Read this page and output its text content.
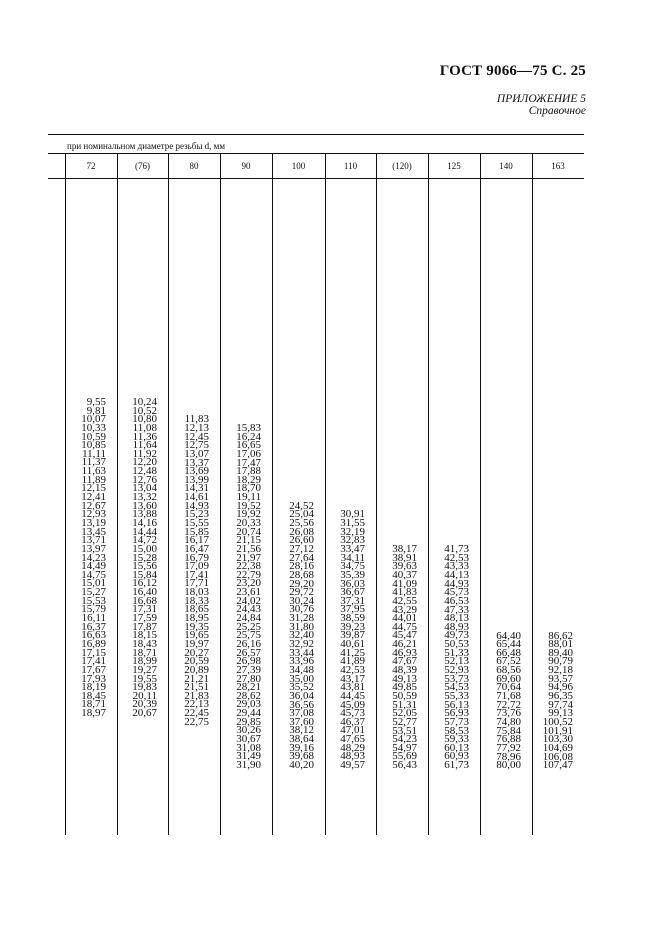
ГОСТ 9066—75 С. 25
ПРИЛОЖЕНИЕ 5
Справочное
при номинальном диаметре резьбы d, мм
72
9,55
9,81
10,07
10,33
10,59
10,85
11,11
11,37
11,63
11,89
12,15
12,41
12,67
12,93
13,19
13,45
13,71
13,97
14,23
14,49
14,75
15,01
15,27
15,53
15,79
16,11
16,37
16,63
16,89
17,15
17,41
17,67
17,93
18,19
18,45
18,71
18,97
(76)
10,24
10,52
10,80
11,08
11,36
11,64
11,92
12,20
12,48
12,76
13,04
13,32
13,60
13,88
14,16
14,44
14,72
15,00
15,28
15,56
15,84
16,12
16,40
16,68
17,31
17,59
17,87
18,15
18,43
18,71
18,99
19,27
19,55
19,83
20,11
20,39
20,67
80
11,83
12,13
12,45
12,75
13,07
13,37
13,69
13,99
14,31
14,61
14,93
15,23
15,55
15,85
16,17
16,47
16,79
17,09
17,41
17,71
18,03
18,33
18,65
18,95
19,35
19,65
19,97
20,27
20,59
20,89
21,21
21,51
21,83
22,13
22,45
22,75
90
15,83
16,24
16,65
17,06
17,47
17,88
18,29
18,70
19,11
19,52
19,92
20,33
20,74
21,15
21,56
21,97
22,38
22,79
23,20
23,61
24,02
24,43
24,84
25,25
25,75
26,16
26,57
26,98
27,39
27,80
28,21
28,62
29,03
29,44
29,85
30,26
30,67
31,08
31,49
31,90
100
24,52
25,04
25,56
26,08
26,60
27,12
27,64
28,16
28,68
29,20
29,72
30,24
30,76
31,28
31,80
32,40
32,92
33,44
33,96
34,48
35,00
35,52
36,04
36,56
37,08
37,60
38,12
38,64
39,16
39,68
40,20
110
30,91
31,55
32,19
32,83
33,47
34,11
34,75
35,39
36,03
36,67
37,31
37,95
38,59
39,23
39,87
40,61
41,25
41,89
42,53
43,17
43,81
44,45
45,09
45,73
46,37
47,01
47,65
48,29
48,93
49,57
(120)
38,17
38,91
39,63
40,37
41,09
41,83
42,55
43,29
44,01
44,75
45,47
46,21
46,93
47,67
48,39
49,13
49,85
50,59
51,31
52,05
52,77
53,51
54,23
54,97
55,69
56,43
125
41,73
42,53
43,33
44,13
44,93
45,73
46,53
47,33
48,13
48,93
49,73
50,53
51,33
52,13
52,93
53,73
54,53
55,33
56,13
56,93
57,73
58,53
59,33
60,13
60,93
61,73
140
64,40
65,44
66,48
67,52
68,56
69,60
70,64
71,68
72,72
73,76
74,80
75,84
76,88
77,92
78,96
80,00
163
86,62
88,01
89,40
90,79
92,18
93,57
94,96
96,35
97,74
99,13
100,52
101,91
103,30
104,69
106,08
107,47
